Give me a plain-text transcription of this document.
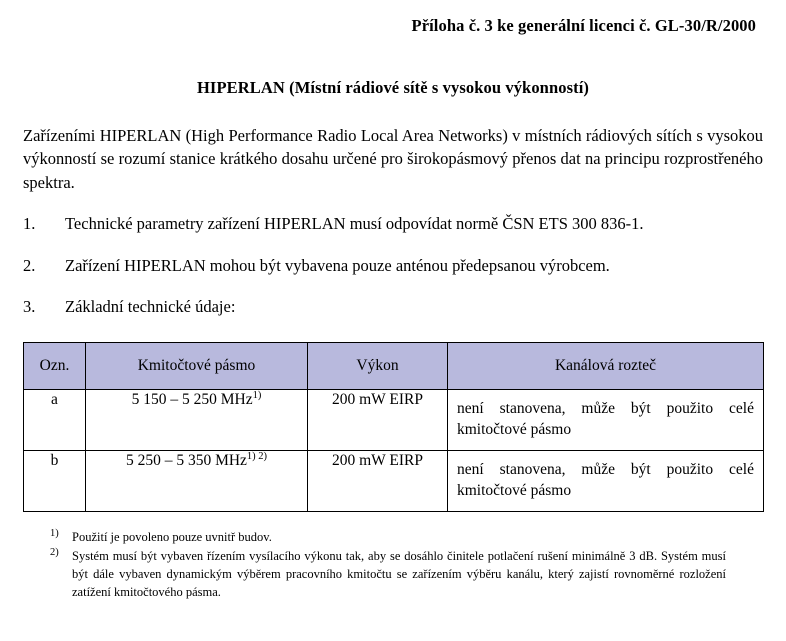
Příloha č. 3 ke generální licenci č. GL-30/R/2000
HIPERLAN (Místní rádiové sítě s vysokou výkonností)
Zařízeními HIPERLAN (High Performance Radio Local Area Networks) v místních rádiových sítích s vysokou výkonností se rozumí stanice krátkého dosahu určené pro širokopásmový přenos dat na principu rozprostřeného spektra.
1.	Technické parametry zařízení HIPERLAN musí odpovídat normě ČSN ETS 300 836-1.
2.	Zařízení HIPERLAN mohou být vybavena pouze anténou předepsanou výrobcem.
3.	Základní technické údaje:
Ozn.	Kmitočtové pásmo	Výkon	Kanálová rozteč
a	5 150 – 5 250 MHz$^{1)}$	200 mW EIRP	není stanovena, může být použito celé kmitočtové pásmo
b	5 250 – 5 350 MHz$^{1) 2)}$	200 mW EIRP	není stanovena, může být použito celé kmitočtové pásmo
$^{1)}$	Použití je povoleno pouze uvnitř budov.
$^{2)}$	Systém musí být vybaven řízením vysílacího výkonu tak, aby se dosáhlo činitele potlačení rušení minimálně 3 dB. Systém musí být dále vybaven dynamickým výběrem pracovního kmitočtu se zařízením výběru kanálu, který zajistí rovnoměrné rozložení zatížení kmitočtového pásma.
